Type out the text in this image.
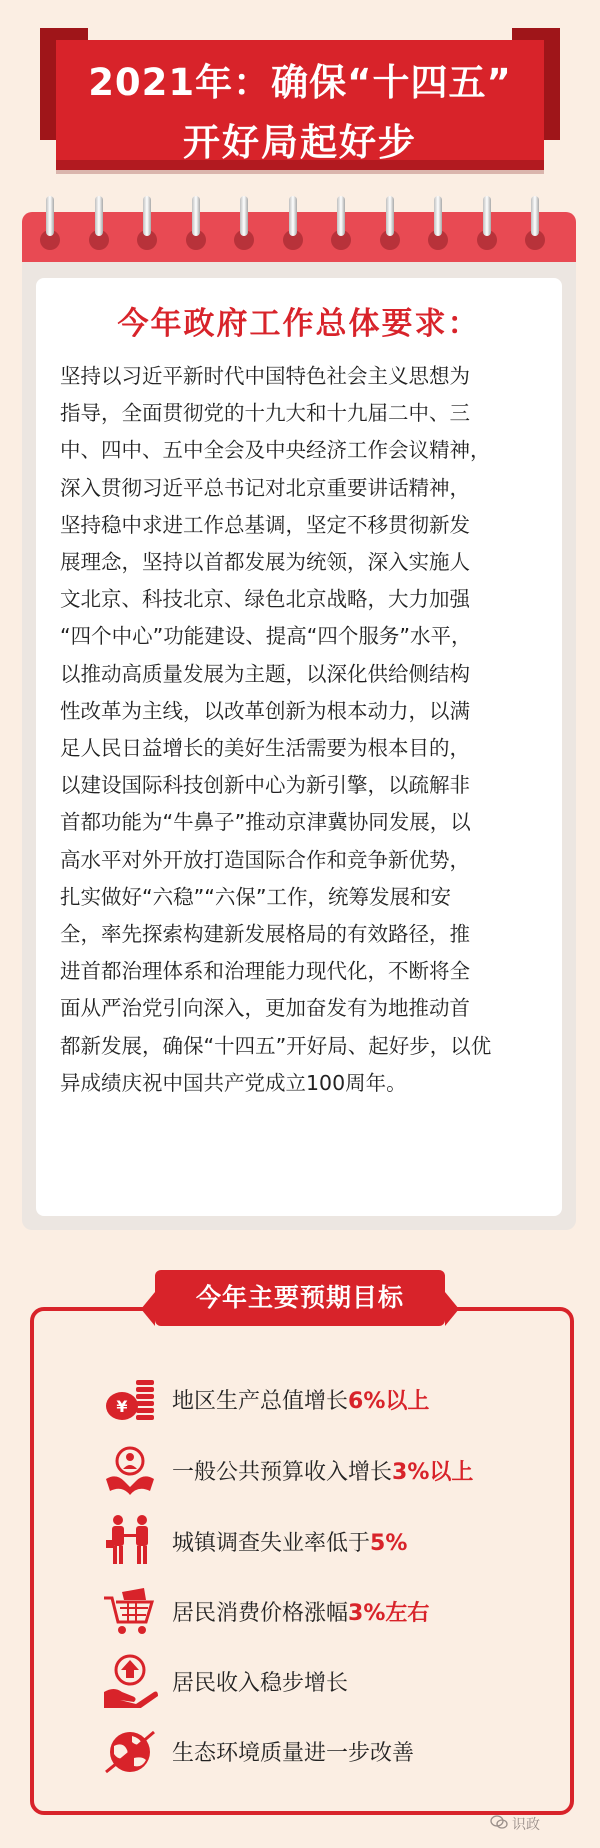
2021年：确保“十四五”
开好局起好步
今年政府工作总体要求：
坚持以习近平新时代中国特色社会主义思想为
指导，全面贯彻党的十九大和十九届二中、三
中、四中、五中全会及中央经济工作会议精神，
深入贯彻习近平总书记对北京重要讲话精神，
坚持稳中求进工作总基调，坚定不移贯彻新发
展理念，坚持以首都发展为统领，深入实施人
文北京、科技北京、绿色北京战略，大力加强
“四个中心”功能建设、提高“四个服务”水平，
以推动高质量发展为主题，以深化供给侧结构
性改革为主线，以改革创新为根本动力，以满
足人民日益增长的美好生活需要为根本目的，
以建设国际科技创新中心为新引擎，以疏解非
首都功能为“牛鼻子”推动京津冀协同发展，以
高水平对外开放打造国际合作和竞争新优势，
扎实做好“六稳”“六保”工作，统筹发展和安
全，率先探索构建新发展格局的有效路径，推
进首都治理体系和治理能力现代化，不断将全
面从严治党引向深入，更加奋发有为地推动首
都新发展，确保“十四五”开好局、起好步，以优
异成绩庆祝中国共产党成立100周年。
今年主要预期目标
¥ 地区生产总值增长6%以上
一般公共预算收入增长3%以上
城镇调查失业率低于5%
居民消费价格涨幅3%左右
居民收入稳步增长
生态环境质量进一步改善
识政
